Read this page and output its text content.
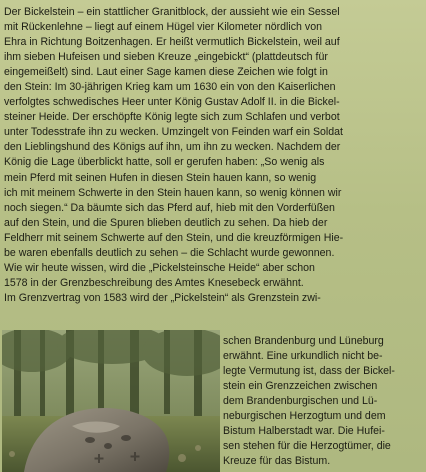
Der Bickelstein – ein stattlicher Granitblock, der aussieht wie ein Sessel
mit Rückenlehne – liegt auf einem Hügel vier Kilometer nördlich von
Ehra in Richtung Boitzenhagen. Er heißt vermutlich Bickelstein, weil auf
ihm sieben Hufeisen und sieben Kreuze „eingebickt“ (plattdeutsch für
eingemeißelt) sind. Laut einer Sage kamen diese Zeichen wie folgt in
den Stein: Im 30-jährigen Krieg kam um 1630 ein von den Kaiserlichen
verfolgtes schwedisches Heer unter König Gustav Adolf II. in die Bickel-
steiner Heide. Der erschöpfte König legte sich zum Schlafen und verbot
unter Todesstrafe ihn zu wecken. Umzingelt von Feinden warf ein Soldat
den Lieblingshund des Königs auf ihn, um ihn zu wecken. Nachdem der
König die Lage überblickt hatte, soll er gerufen haben: „So wenig als
mein Pferd mit seinen Hufen in diesen Stein hauen kann, so wenig
ich mit meinem Schwerte in den Stein hauen kann, so wenig können wir
noch siegen.“ Da bäumte sich das Pferd auf, hieb mit den Vorderfüßen
auf den Stein, und die Spuren blieben deutlich zu sehen. Da hieb der
Feldherr mit seinem Schwerte auf den Stein, und die kreuzförmigen Hie-
be waren ebenfalls deutlich zu sehen – die Schlacht wurde gewonnen.
Wie wir heute wissen, wird die „Pickelsteinsche Heide“ aber schon
1578 in der Grenzbeschreibung des Amtes Knesebeck erwähnt.
Im Grenzvertrag von 1583 wird der „Pickelstein“ als Grenzstein zwi-
schen Brandenburg und Lüneburg
erwähnt. Eine urkundlich nicht be-
legte Vermutung ist, dass der Bickel-
stein ein Grenzzeichen zwischen
dem Brandenburgischen und Lü-
neburgischen Herzogtum und dem
Bistum Halberstadt war. Die Hufei-
sen stehen für die Herzogtümer, die
Kreuze für das Bistum.
